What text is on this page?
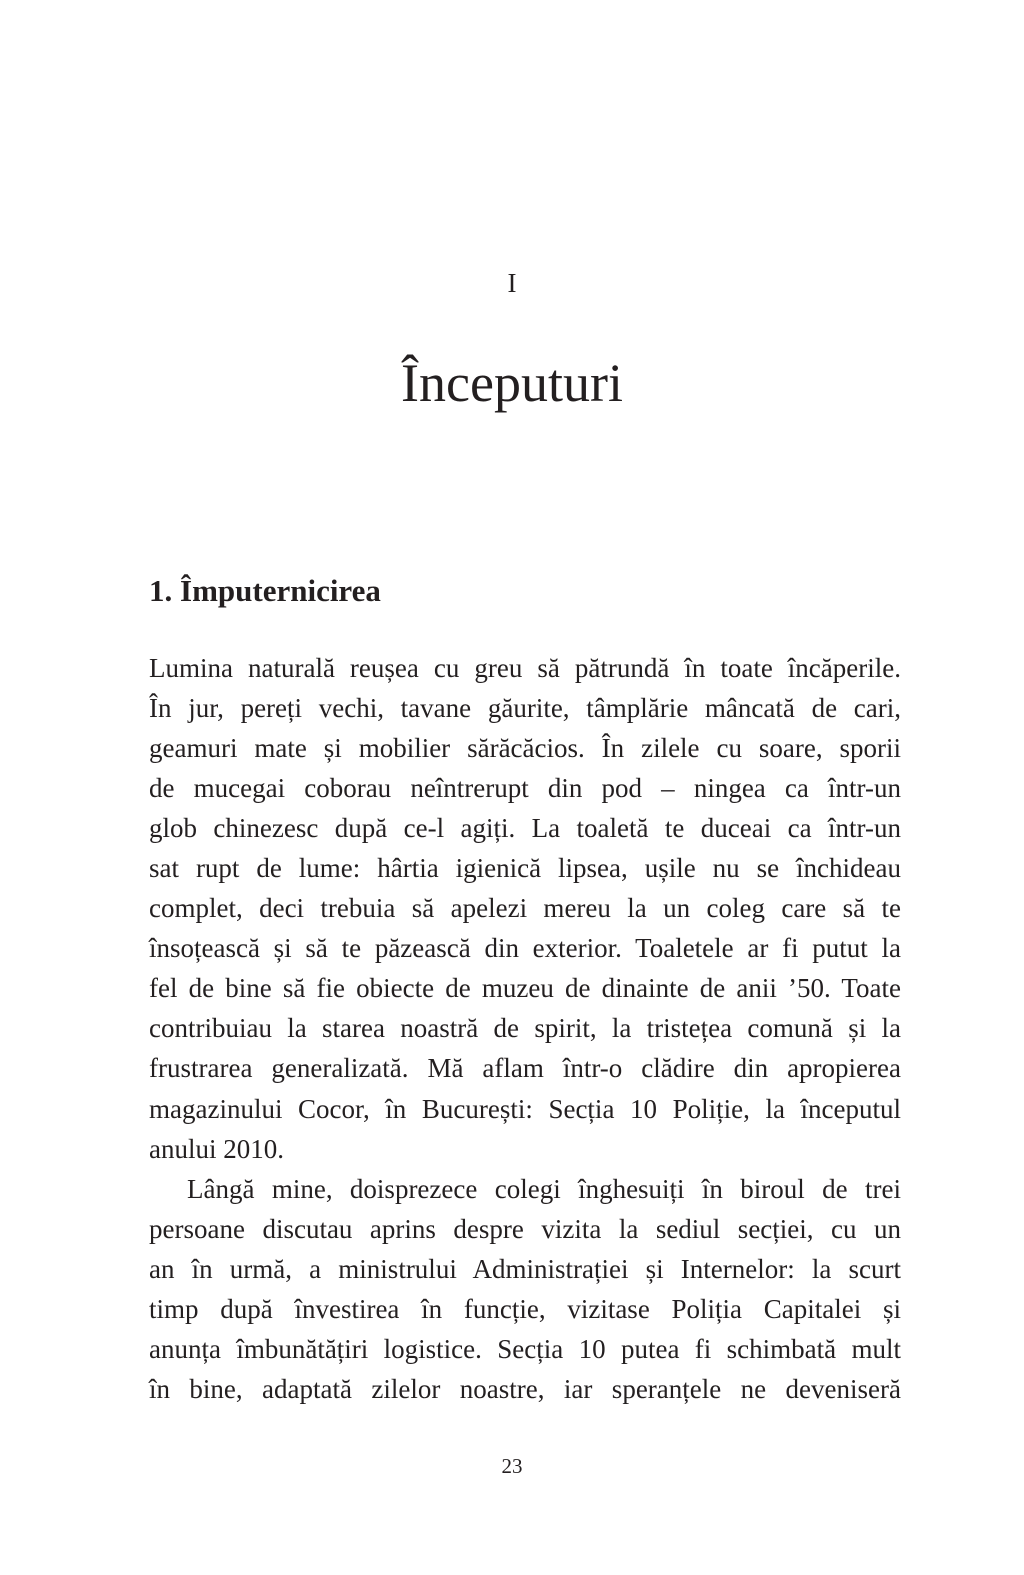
I
Începuturi
1. Împuternicirea
Lumina naturală reușea cu greu să pătrundă în toate încăperile.
În jur, pereți vechi, tavane găurite, tâmplărie mâncată de cari,
geamuri mate și mobilier sărăcăcios. În zilele cu soare, sporii
de mucegai coborau neîntrerupt din pod – ningea ca într-un
glob chinezesc după ce-l agiți. La toaletă te duceai ca într-un
sat rupt de lume: hârtia igienică lipsea, ușile nu se închideau
complet, deci trebuia să apelezi mereu la un coleg care să te
însoțească și să te păzească din exterior. Toaletele ar fi putut la
fel de bine să fie obiecte de muzeu de dinainte de anii ’50. Toate
contribuiau la starea noastră de spirit, la tristețea comună și la
frustrarea generalizată. Mă aflam într-o clădire din apropierea
magazinului Cocor, în București: Secția 10 Poliție, la începutul
anului 2010.
Lângă mine, doisprezece colegi înghesuiți în biroul de trei
persoane discutau aprins despre vizita la sediul secției, cu un
an în urmă, a ministrului Administrației și Internelor: la scurt
timp după învestirea în funcție, vizitase Poliția Capitalei și
anunța îmbunătățiri logistice. Secția 10 putea fi schimbată mult
în bine, adaptată zilelor noastre, iar speranțele ne deveniseră
23
